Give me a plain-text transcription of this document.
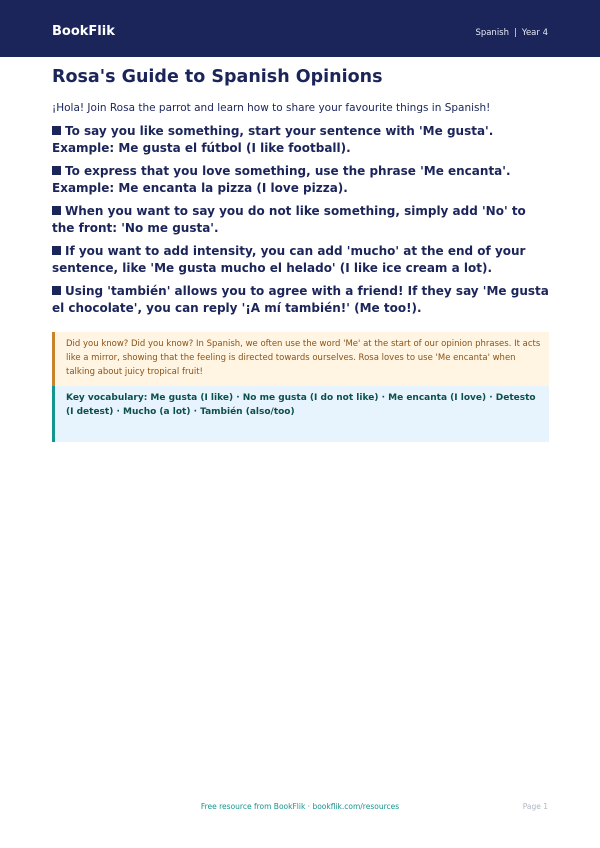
BookFlik	Spanish | Year 4
Rosa's Guide to Spanish Opinions

¡Hola! Join Rosa the parrot and learn how to share your favourite things in Spanish!

To say you like something, start your sentence with 'Me gusta'. Example: Me gusta el fútbol (I like football).
To express that you love something, use the phrase 'Me encanta'. Example: Me encanta la pizza (I love pizza).
When you want to say you do not like something, simply add 'No' to the front: 'No me gusta'.
If you want to add intensity, you can add 'mucho' at the end of your sentence, like 'Me gusta mucho el helado' (I like ice cream a lot).
Using 'también' allows you to agree with a friend! If they say 'Me gusta el chocolate', you can reply '¡A mí también!' (Me too!).
Did you know? Did you know? In Spanish, we often use the word 'Me' at the start of our opinion phrases. It acts like a mirror, showing that the feeling is directed towards ourselves. Rosa loves to use 'Me encanta' when talking about juicy tropical fruit!
Key vocabulary: Me gusta (I like) · No me gusta (I do not like) · Me encanta (I love) · Detesto (I detest) · Mucho (a lot) · También (also/too)
Free resource from BookFlik · bookflik.com/resources	Page 1
